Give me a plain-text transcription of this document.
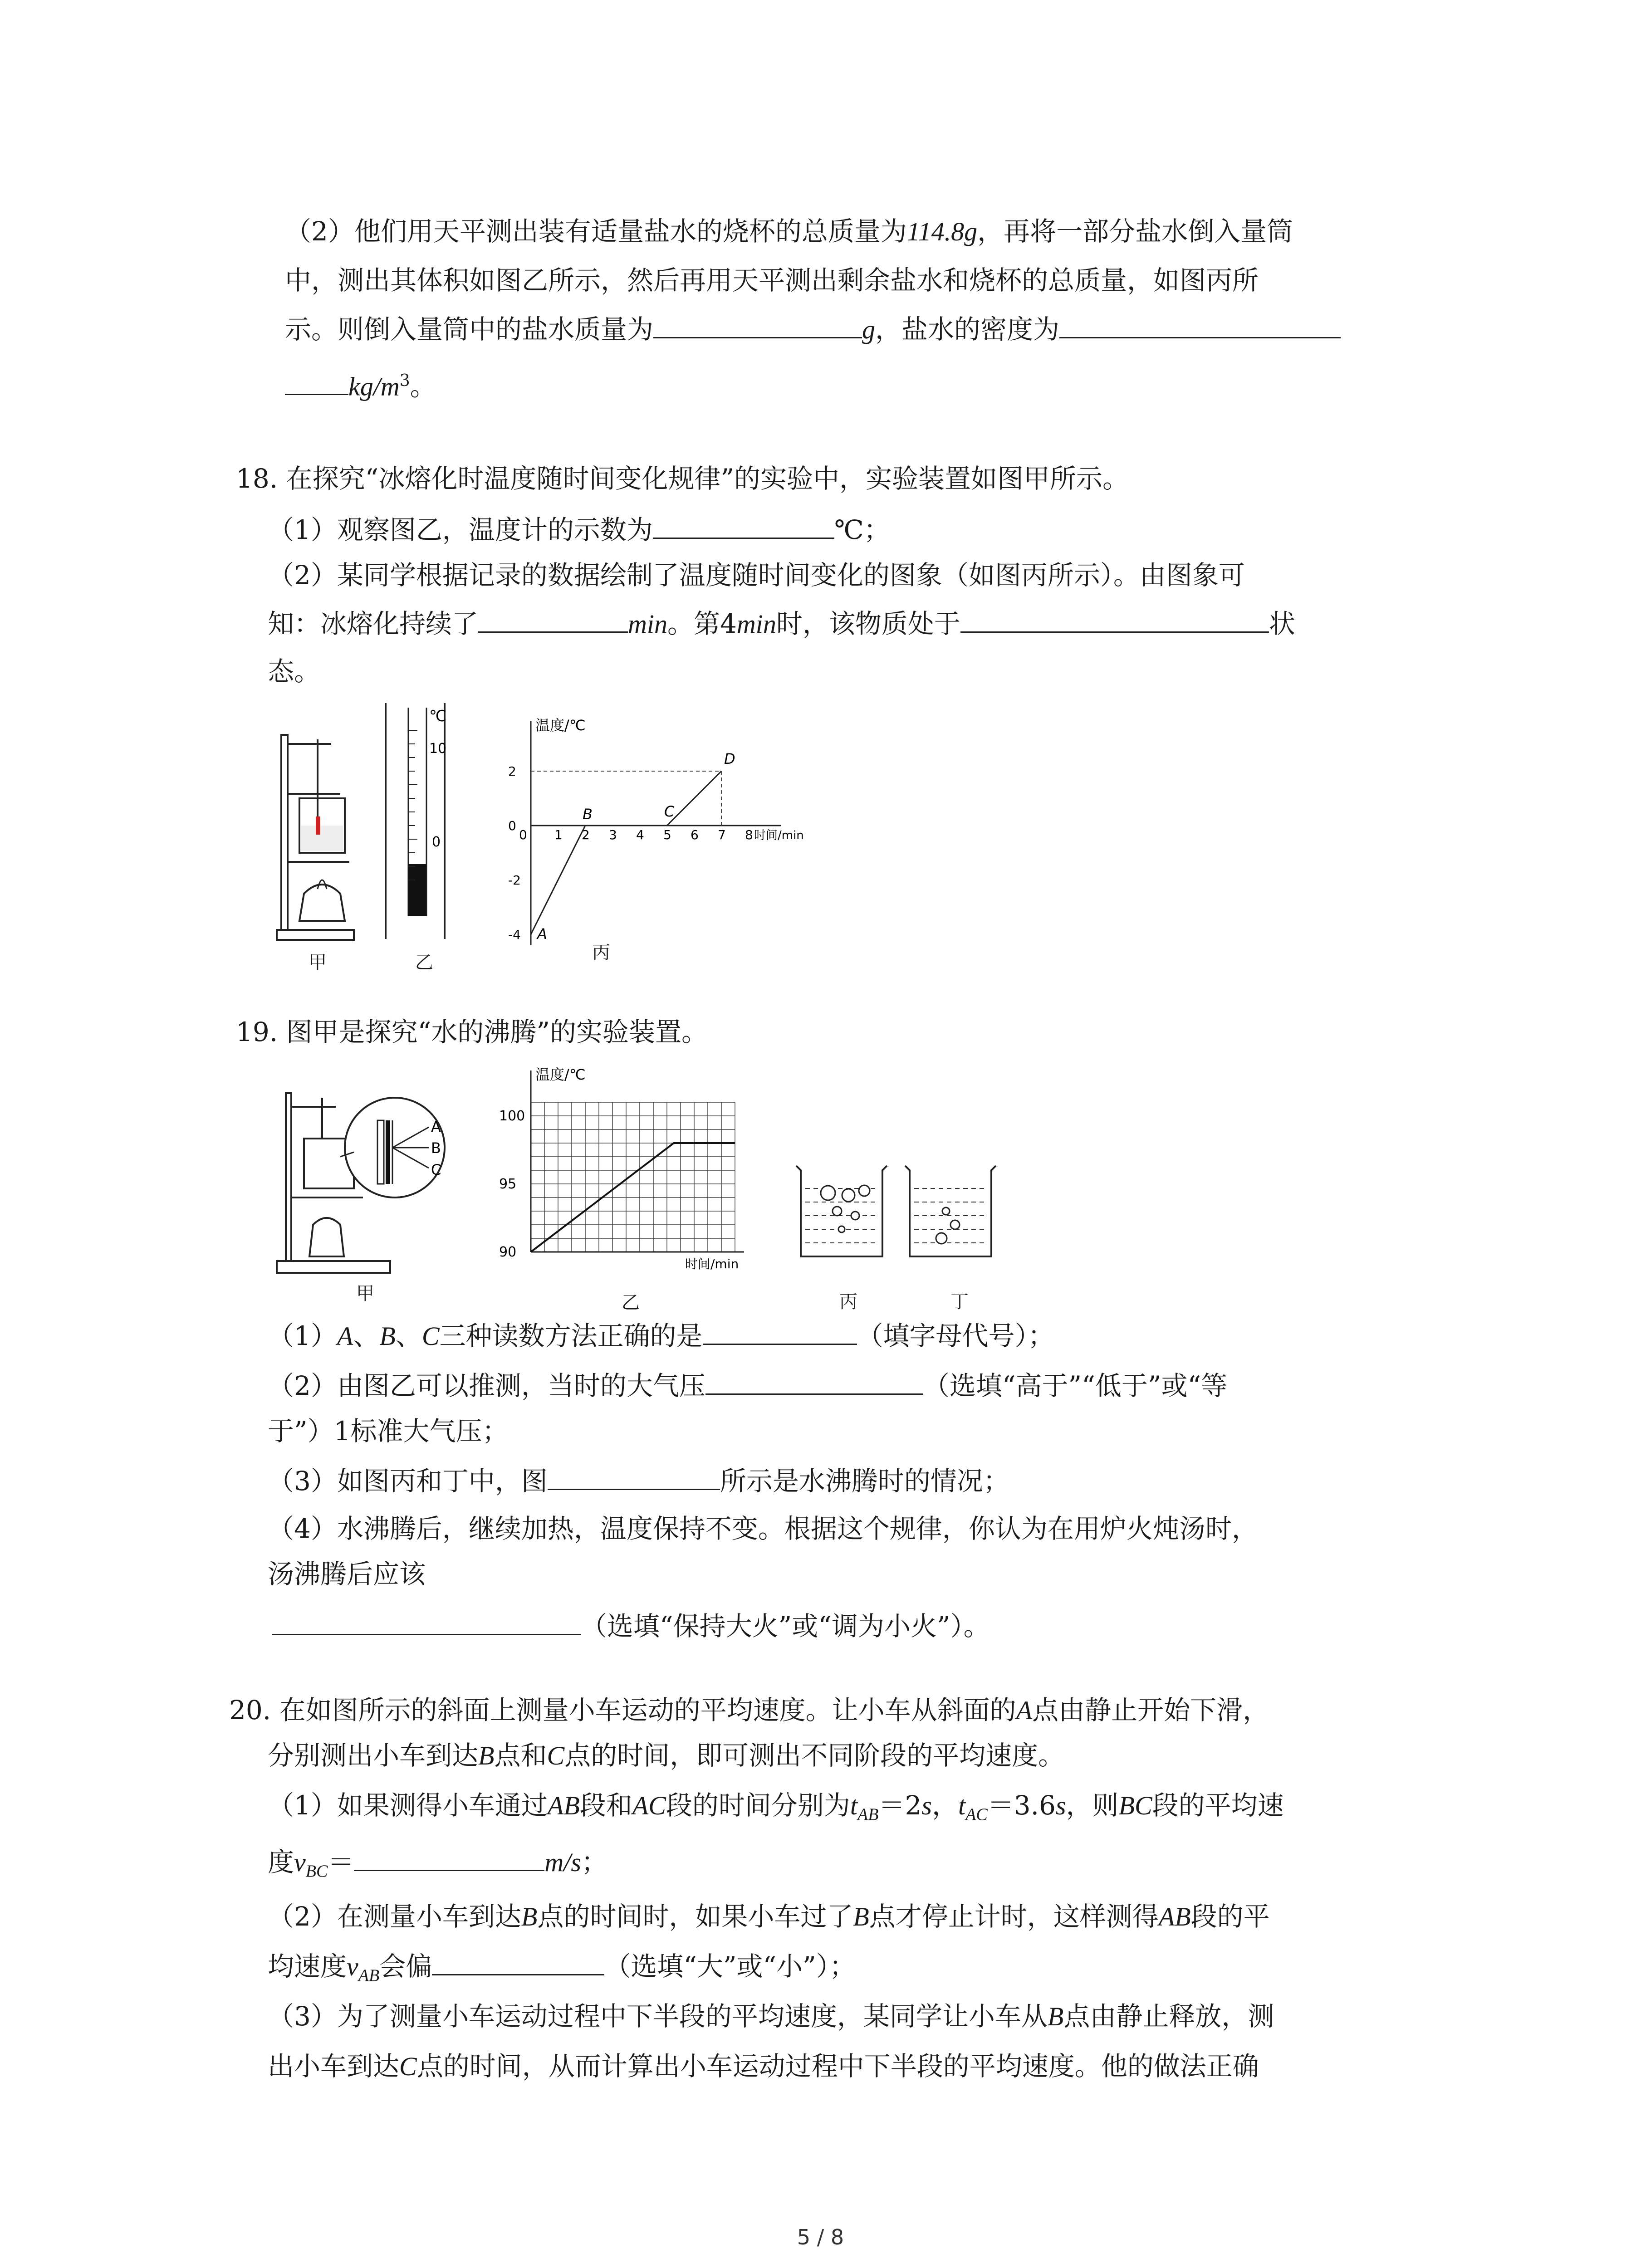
（2）他们用天平测出装有适量盐水的烧杯的总质量为114.8g，再将一部分盐水倒入量筒
中，测出其体积如图乙所示，然后再用天平测出剩余盐水和烧杯的总质量，如图丙所
示。则倒入量筒中的盐水质量为	g，盐水的密度为
$kg/m^3$。
18. 在探究“冰熔化时温度随时间变化规律”的实验中，实验装置如图甲所示。
（1）观察图乙，温度计的示数为	℃；
（2）某同学根据记录的数据绘制了温度随时间变化的图象（如图丙所示）。由图象可
知：冰熔化持续了	min。第4min时，该物质处于	状
态。
甲
℃
10
0
乙
温度/℃
时间/min
1 2 3 4 5 6 7 8
2
0
-2
-4
0
A
B	C
D
丙
19. 图甲是探究“水的沸腾”的实验装置。
A
B
C
甲
温度/℃
时间/min
100
95
90
乙	丙	丁
（1）A、B、C三种读数方法正确的是	（填字母代号）；
（2）由图乙可以推测，当时的大气压	（选填“高于”“低于”或“等
于”）1标准大气压；
（3）如图丙和丁中，图	所示是水沸腾时的情况；
（4）水沸腾后，继续加热，温度保持不变。根据这个规律，你认为在用炉火炖汤时，
汤沸腾后应该
（选填“保持大火”或“调为小火”）。
20. 在如图所示的斜面上测量小车运动的平均速度。让小车从斜面的A点由静止开始下滑，
分别测出小车到达B点和C点的时间，即可测出不同阶段的平均速度。
（1）如果测得小车通过AB段和AC段的时间分别为$t_{AB}=2s$，$t_{AC}=3.6s$，则BC段的平均速
度$v_{BC}=$	m/s；
（2）在测量小车到达B点的时间时，如果小车过了B点才停止计时，这样测得AB段的平
均速度$v_{AB}$会偏	（选填“大”或“小”）；
（3）为了测量小车运动过程中下半段的平均速度，某同学让小车从B点由静止释放，测
出小车到达C点的时间，从而计算出小车运动过程中下半段的平均速度。他的做法正确
5 / 8
